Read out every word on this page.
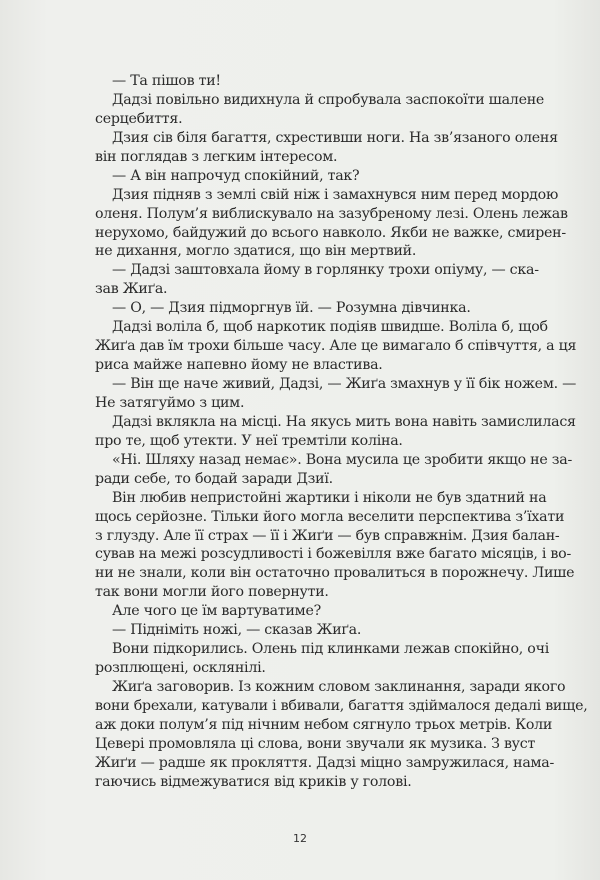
— Та пішов ти!
Дадзі повільно видихнула й спробувала заспокоїти шалене
серцебиття.
Дзия сів біля багаття, схрестивши ноги. На зв’язаного оленя
він поглядав з легким інтересом.
— А він напрочуд спокійний, так?
Дзия підняв з землі свій ніж і замахнувся ним перед мордою
оленя. Полум’я виблискувало на зазубреному лезі. Олень лежав
нерухомо, байдужий до всього навколо. Якби не важке, смирен-
не дихання, могло здатися, що він мертвий.
— Дадзі заштовхала йому в горлянку трохи опіуму, — ска-
зав Жиґа.
— О, — Дзия підморгнув їй. — Розумна дівчинка.
Дадзі воліла б, щоб наркотик подіяв швидше. Воліла б, щоб
Жиґа дав їм трохи більше часу. Але це вимагало б співчуття, а ця
риса майже напевно йому не властива.
— Він ще наче живий, Дадзі, — Жиґа змахнув у її бік ножем. —
Не затягуймо з цим.
Дадзі вклякла на місці. На якусь мить вона навіть замислилася
про те, щоб утекти. У неї тремтіли коліна.
«Ні. Шляху назад немає». Вона мусила це зробити якщо не за-
ради себе, то бодай заради Дзиї.
Він любив непристойні жартики і ніколи не був здатний на
щось серйозне. Тільки його могла веселити перспектива з’їхати
з глузду. Але її страх — її і Жиґи — був справжнім. Дзия балан-
сував на межі розсудливості і божевілля вже багато місяців, і во-
ни не знали, коли він остаточно провалиться в порожнечу. Лише
так вони могли його повернути.
Але чого це їм вартуватиме?
— Підніміть ножі, — сказав Жиґа.
Вони підкорились. Олень під клинками лежав спокійно, очі
розплющені, осклянілі.
Жиґа заговорив. Із кожним словом заклинання, заради якого
вони брехали, катували і вбивали, багаття здіймалося дедалі вище,
аж доки полум’я під нічним небом сягнуло трьох метрів. Коли
Цевері промовляла ці слова, вони звучали як музика. З вуст
Жиґи — радше як прокляття. Дадзі міцно замружилася, нама-
гаючись відмежуватися від криків у голові.
12
